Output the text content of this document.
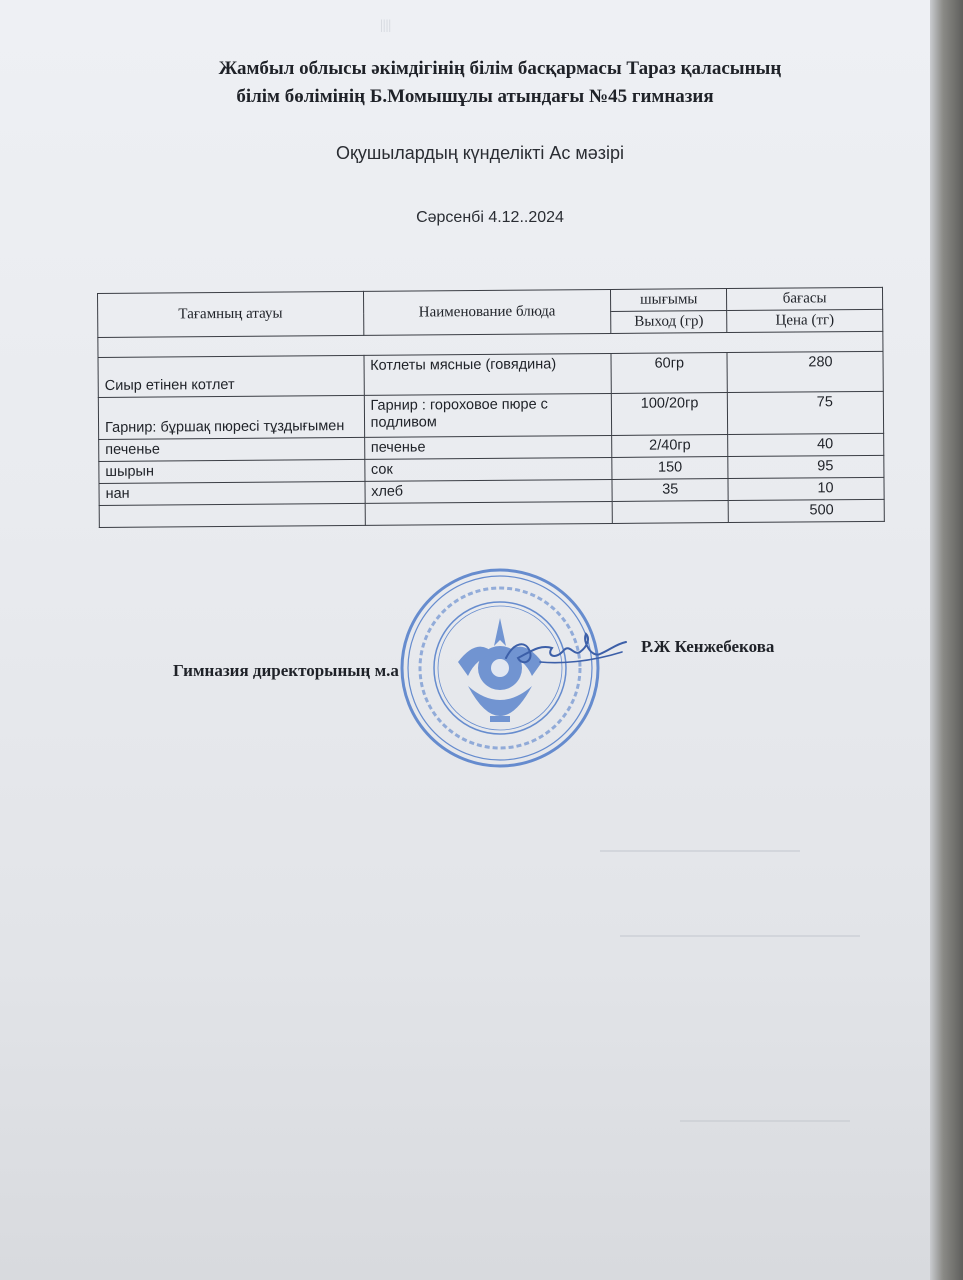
||||
Жамбыл облысы әкімдігінің білім басқармасы Тараз қаласының
білім бөлімінің Б.Момышұлы атындағы №45 гимназия
Оқушылардың күнделікті Ас мәзірі
Сәрсенбі 4.12..2024
Тағамның атауы	Наименование блюда	шығымы	бағасы
		Выход (гр)	Цена (тг)

Сиыр етінен котлет	Котлеты мясные (говядина)	60гр	280
Гарнир: бұршақ пюресі тұздығымен	Гарнир : гороховое пюре с подливом	100/20гр	75
печенье	печенье	2/40гр	40
шырын	сок	150	95
нан	хлеб	35	10
			500
Гимназия директорының м.а
Р.Ж Кенжебекова
